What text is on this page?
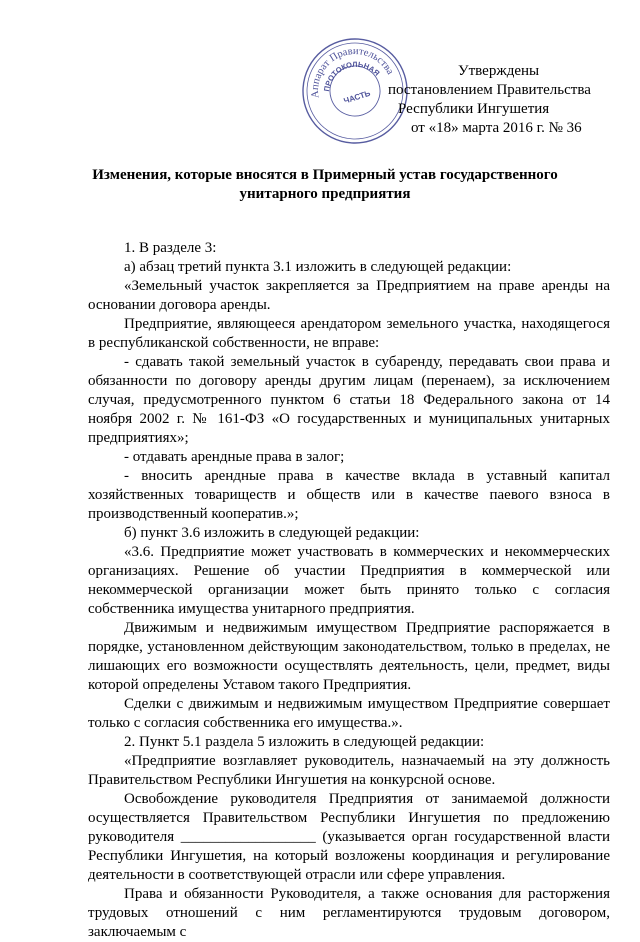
Аппарат Правительства
ПРОТОКОЛЬНАЯ
ЧАСТЬ
Утверждены
постановлением Правительства
Республики Ингушетия
от «18» марта 2016 г. № 36
Изменения, которые вносятся в Примерный устав государственного унитарного предприятия

1. В разделе 3:

а) абзац третий пункта 3.1 изложить в следующей редакции:

«Земельный участок закрепляется за Предприятием на праве аренды на основании договора аренды.

Предприятие, являющееся арендатором земельного участка, находящегося в республиканской собственности, не вправе:

- сдавать такой земельный участок в субаренду, передавать свои права и обязанности по договору аренды другим лицам (перенаем), за исключением случая, предусмотренного пунктом 6 статьи 18 Федерального закона от 14 ноября 2002 г. № 161-ФЗ «О государственных и муниципальных унитарных предприятиях»;

- отдавать арендные права в залог;

- вносить арендные права в качестве вклада в уставный капитал хозяйственных товариществ и обществ или в качестве паевого взноса в производственный кооператив.»;

б) пункт 3.6 изложить в следующей редакции:

«3.6. Предприятие может участвовать в коммерческих и некоммерческих организациях. Решение об участии Предприятия в коммерческой или некоммерческой организации может быть принято только с согласия собственника имущества унитарного предприятия.

Движимым и недвижимым имуществом Предприятие распоряжается в порядке, установленном действующим законодательством, только в пределах, не лишающих его возможности осуществлять деятельность, цели, предмет, виды которой определены Уставом такого Предприятия.

Сделки с движимым и недвижимым имуществом Предприятие совершает только с согласия собственника его имущества.».

2. Пункт 5.1 раздела 5 изложить в следующей редакции:

«Предприятие возглавляет руководитель, назначаемый на эту должность Правительством Республики Ингушетия на конкурсной основе.

Освобождение руководителя Предприятия от занимаемой должности осуществляется Правительством Республики Ингушетия по предложению руководителя __________________ (указывается орган государственной власти Республики Ингушетия, на который возложены координация и регулирование деятельности в соответствующей отрасли или сфере управления.

Права и обязанности Руководителя, а также основания для расторжения трудовых отношений с ним регламентируются трудовым договором, заключаемым с
